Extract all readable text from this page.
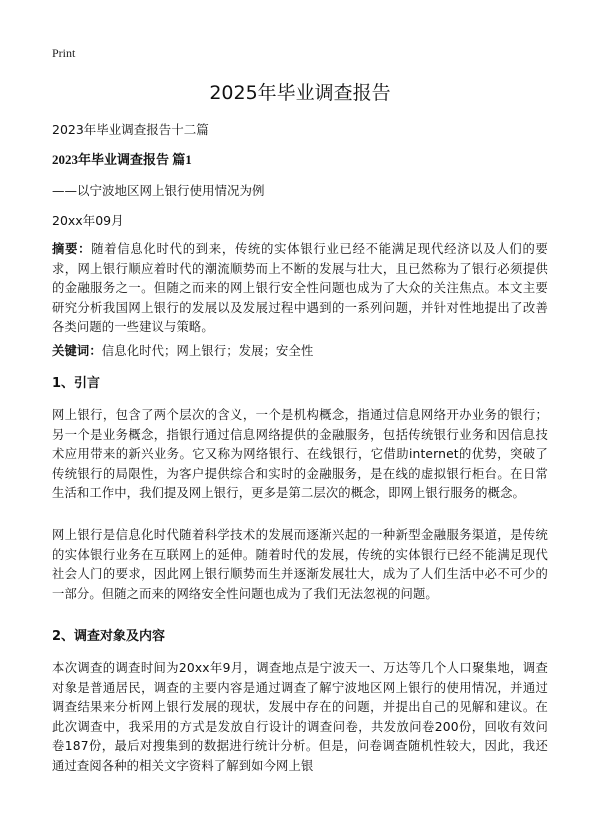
Print
2025年毕业调查报告

2023年毕业调查报告十二篇

2023年毕业调查报告 篇1

——以宁波地区网上银行使用情况为例

20xx年09月

摘要：随着信息化时代的到来，传统的实体银行业已经不能满足现代经济以及人们的要求，网上银行顺应着时代的潮流顺势而上不断的发展与壮大，且已然称为了银行必须提供的金融服务之一。但随之而来的网上银行安全性问题也成为了大众的关注焦点。本文主要研究分析我国网上银行的发展以及发展过程中遇到的一系列问题，并针对性地提出了改善各类问题的一些建议与策略。

关键词：信息化时代；网上银行；发展；安全性

1、引言

网上银行，包含了两个层次的含义，一个是机构概念，指通过信息网络开办业务的银行；另一个是业务概念，指银行通过信息网络提供的金融服务，包括传统银行业务和因信息技术应用带来的新兴业务。它又称为网络银行、在线银行，它借助internet的优势，突破了传统银行的局限性，为客户提供综合和实时的金融服务，是在线的虚拟银行柜台。在日常生活和工作中，我们提及网上银行，更多是第二层次的概念，即网上银行服务的概念。

网上银行是信息化时代随着科学技术的发展而逐渐兴起的一种新型金融服务渠道，是传统的实体银行业务在互联网上的延伸。随着时代的发展，传统的实体银行已经不能满足现代社会人门的要求，因此网上银行顺势而生并逐渐发展壮大，成为了人们生活中必不可少的一部分。但随之而来的网络安全性问题也成为了我们无法忽视的问题。

2、调查对象及内容

本次调查的调查时间为20xx年9月，调查地点是宁波天一、万达等几个人口聚集地，调查对象是普通居民，调查的主要内容是通过调查了解宁波地区网上银行的使用情况，并通过调查结果来分析网上银行发展的现状，发展中存在的问题，并提出自己的见解和建议。在此次调查中，我采用的方式是发放自行设计的调查问卷，共发放问卷200份，回收有效问卷187份，最后对搜集到的数据进行统计分析。但是，问卷调查随机性较大，因此，我还通过查阅各种的相关文字资料了解到如今网上银
